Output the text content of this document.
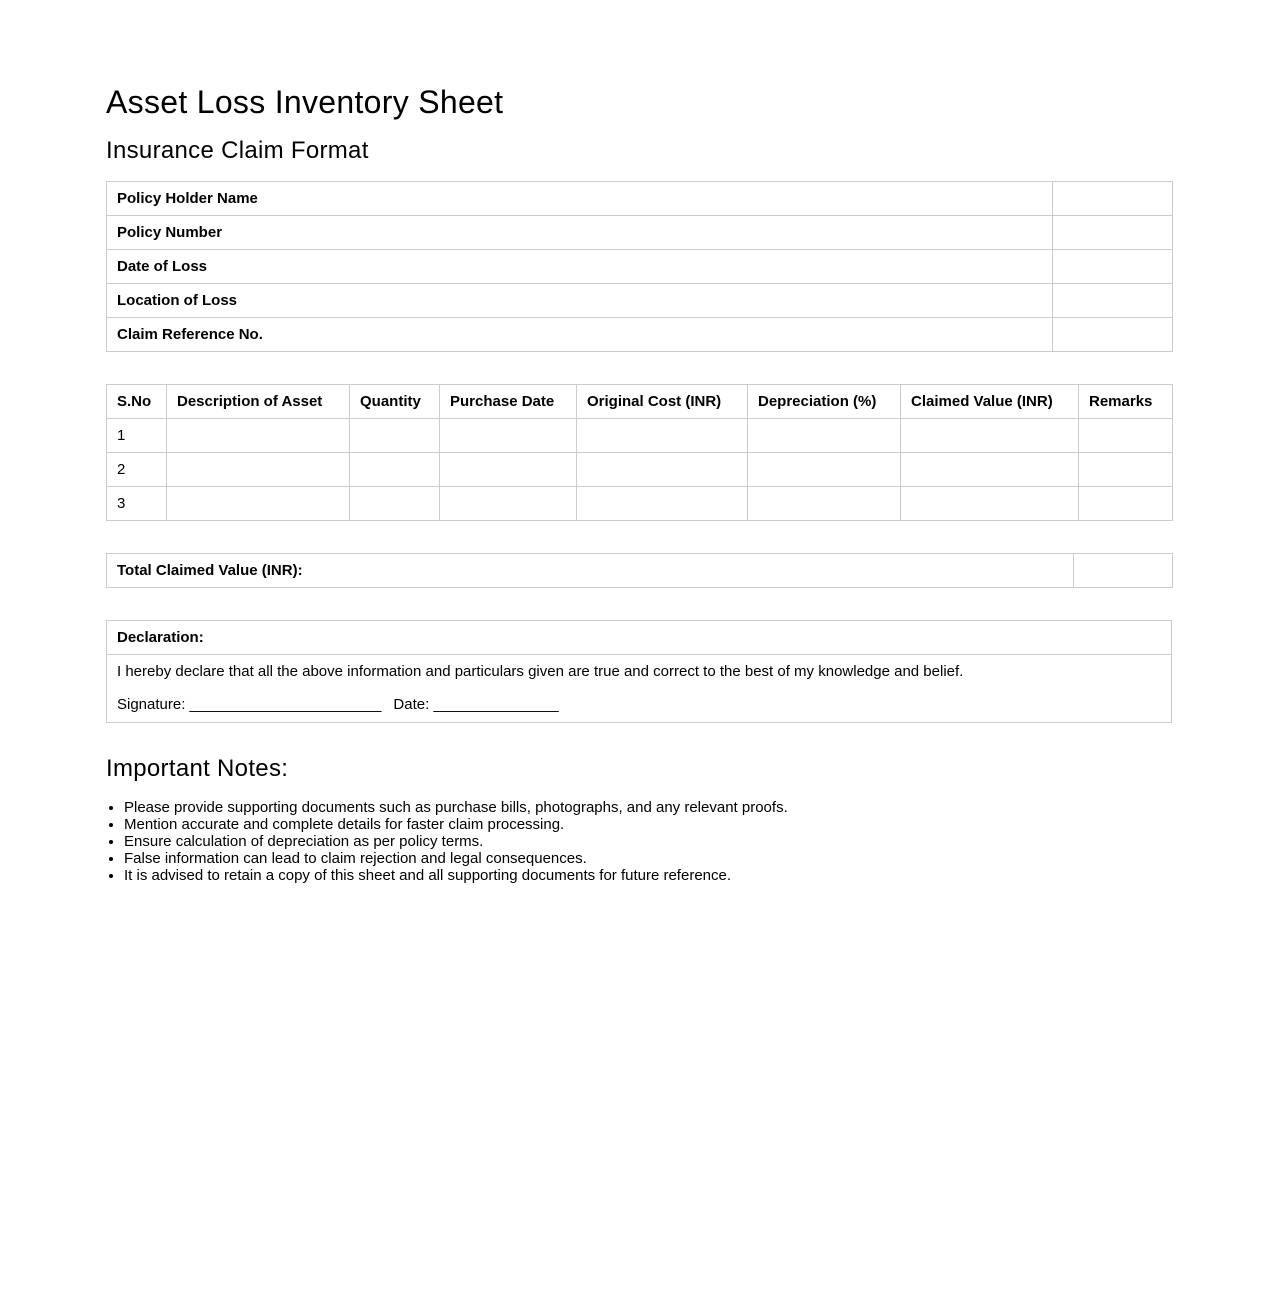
Asset Loss Inventory Sheet
Insurance Claim Format
Policy Holder Name	
Policy Number	
Date of Loss	
Location of Loss	
Claim Reference No.	
S.No	Description of Asset	Quantity	Purchase Date	Original Cost (INR)	Depreciation (%)	Claimed Value (INR)	Remarks
1							
2							
3							
Total Claimed Value (INR):	
Declaration:
I hereby declare that all the above information and particulars given are true and correct to the best of my knowledge and belief.
Signature: _______________________ Date: _______________
Important Notes:
• Please provide supporting documents such as purchase bills, photographs, and any relevant proofs.
• Mention accurate and complete details for faster claim processing.
• Ensure calculation of depreciation as per policy terms.
• False information can lead to claim rejection and legal consequences.
• It is advised to retain a copy of this sheet and all supporting documents for future reference.
